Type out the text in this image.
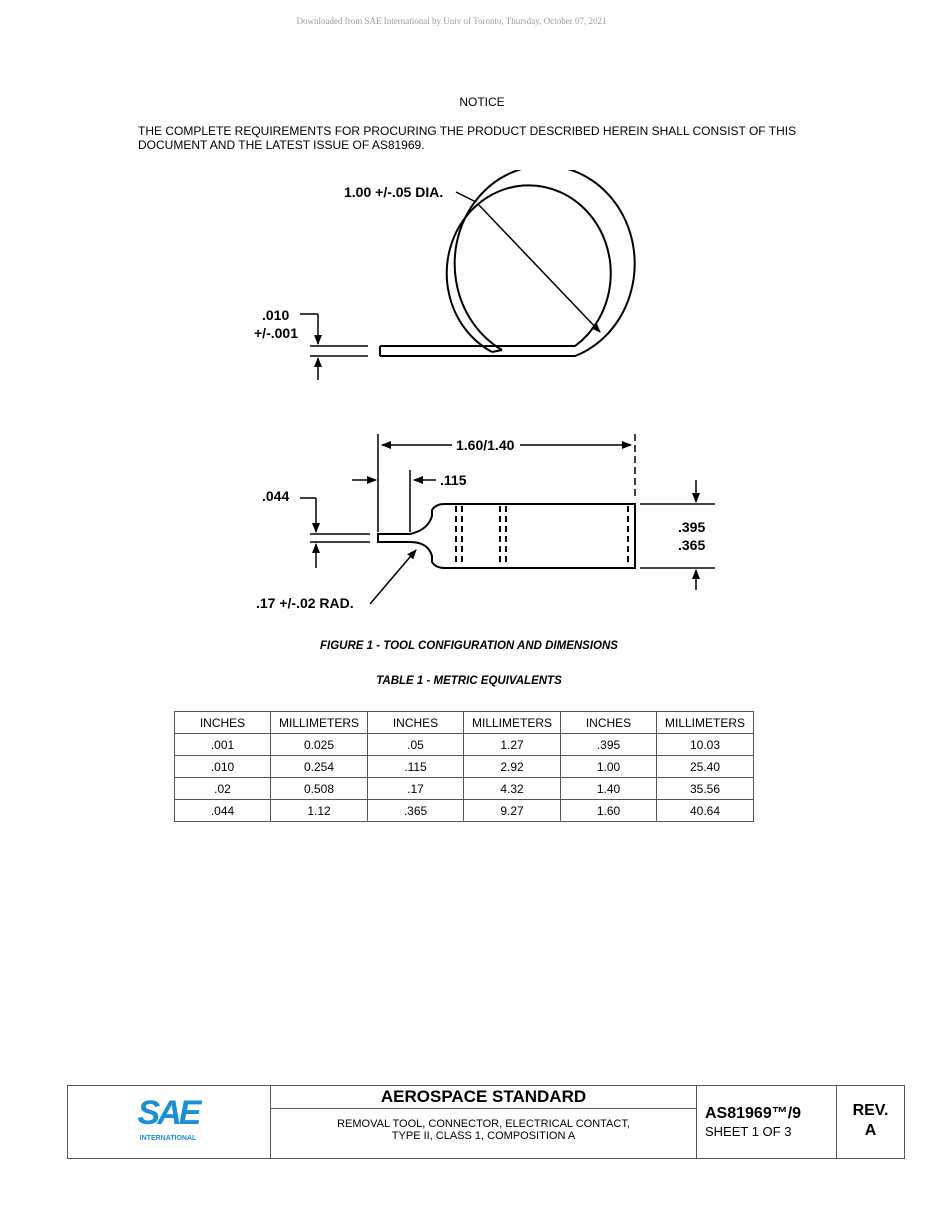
Downloaded from SAE International by Univ of Toronto, Thursday, October 07, 2021
NOTICE
THE COMPLETE REQUIREMENTS FOR PROCURING THE PRODUCT DESCRIBED HEREIN SHALL CONSIST OF THIS
DOCUMENT AND THE LATEST ISSUE OF AS81969.
1.00 +/-.05 DIA.
.010
+/-.001
1.60/1.40
.115
.044
.395
.365
.17 +/-.02 RAD.
FIGURE 1 - TOOL CONFIGURATION AND DIMENSIONS
TABLE 1 - METRIC EQUIVALENTS
INCHES	MILLIMETERS	INCHES	MILLIMETERS	INCHES	MILLIMETERS
.001	0.025	.05	1.27	.395	10.03
.010	0.254	.115	2.92	1.00	25.40
.02	0.508	.17	4.32	1.40	35.56
.044	1.12	.365	9.27	1.60	40.64
SAE
INTERNATIONAL
AEROSPACE STANDARD
REMOVAL TOOL, CONNECTOR, ELECTRICAL CONTACT,
TYPE II, CLASS 1, COMPOSITION A
AS81969™/9
SHEET 1 OF 3
REV.
A
